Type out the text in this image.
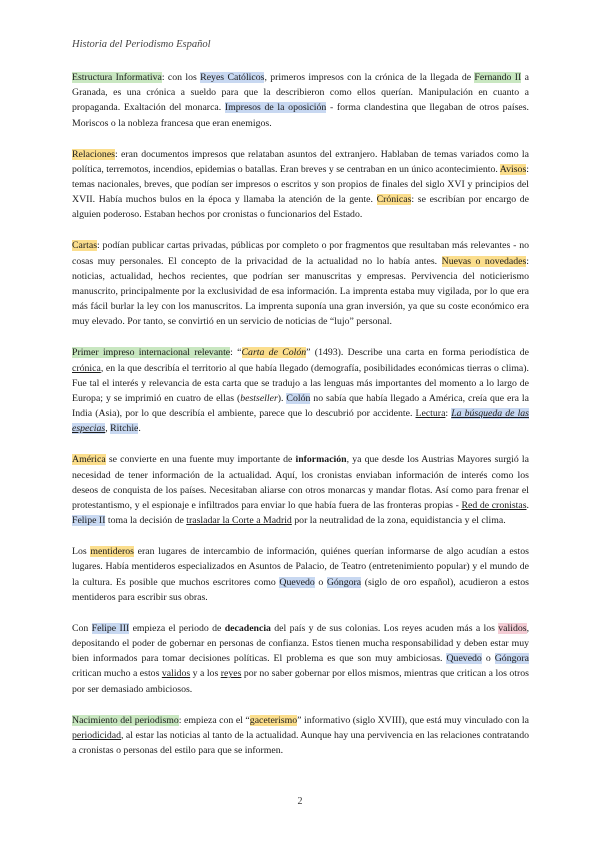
Historia del Periodismo Español

Estructura Informativa: con los Reyes Católicos, primeros impresos con la crónica de la llegada de Fernando II a Granada, es una crónica a sueldo para que la describieron como ellos querían. Manipulación en cuanto a propaganda. Exaltación del monarca. Impresos de la oposición - forma clandestina que llegaban de otros países. Moriscos o la nobleza francesa que eran enemigos.

Relaciones: eran documentos impresos que relataban asuntos del extranjero. Hablaban de temas variados como la política, terremotos, incendios, epidemias o batallas. Eran breves y se centraban en un único acontecimiento. Avisos: temas nacionales, breves, que podían ser impresos o escritos y son propios de finales del siglo XVI y principios del XVII. Había muchos bulos en la época y llamaba la atención de la gente. Crónicas: se escribían por encargo de alguien poderoso. Estaban hechos por cronistas o funcionarios del Estado.

Cartas: podían publicar cartas privadas, públicas por completo o por fragmentos que resultaban más relevantes - no cosas muy personales. El concepto de la privacidad de la actualidad no lo había antes. Nuevas o novedades: noticias, actualidad, hechos recientes, que podrían ser manuscritas y empresas. Pervivencia del noticierismo manuscrito, principalmente por la exclusividad de esa información. La imprenta estaba muy vigilada, por lo que era más fácil burlar la ley con los manuscritos. La imprenta suponía una gran inversión, ya que su coste económico era muy elevado. Por tanto, se convirtió en un servicio de noticias de “lujo” personal.

Primer impreso internacional relevante: “Carta de Colón” (1493). Describe una carta en forma periodística de crónica, en la que describía el territorio al que había llegado (demografía, posibilidades económicas tierras o clima). Fue tal el interés y relevancia de esta carta que se tradujo a las lenguas más importantes del momento a lo largo de Europa; y se imprimió en cuatro de ellas (bestseller). Colón no sabía que había llegado a América, creía que era la India (Asia), por lo que describía el ambiente, parece que lo descubrió por accidente. Lectura: La búsqueda de las especias, Ritchie.

América se convierte en una fuente muy importante de información, ya que desde los Austrias Mayores surgió la necesidad de tener información de la actualidad. Aquí, los cronistas enviaban información de interés como los deseos de conquista de los países. Necesitaban aliarse con otros monarcas y mandar flotas. Así como para frenar el protestantismo, y el espionaje e infiltrados para enviar lo que había fuera de las fronteras propias - Red de cronistas. Felipe II toma la decisión de trasladar la Corte a Madrid por la neutralidad de la zona, equidistancia y el clima.

Los mentideros eran lugares de intercambio de información, quiénes querían informarse de algo acudían a estos lugares. Había mentideros especializados en Asuntos de Palacio, de Teatro (entretenimiento popular) y el mundo de la cultura. Es posible que muchos escritores como Quevedo o Góngora (siglo de oro español), acudieron a estos mentideros para escribir sus obras.

Con Felipe III empieza el periodo de decadencia del país y de sus colonias. Los reyes acuden más a los validos, depositando el poder de gobernar en personas de confianza. Estos tienen mucha responsabilidad y deben estar muy bien informados para tomar decisiones políticas. El problema es que son muy ambiciosas. Quevedo o Góngora critican mucho a estos validos y a los reyes por no saber gobernar por ellos mismos, mientras que critican a los otros por ser demasiado ambiciosos.

Nacimiento del periodismo: empieza con el “gaceterismo” informativo (siglo XVIII), que está muy vinculado con la periodicidad, al estar las noticias al tanto de la actualidad. Aunque hay una pervivencia en las relaciones contratando a cronistas o personas del estilo para que se informen.

2
